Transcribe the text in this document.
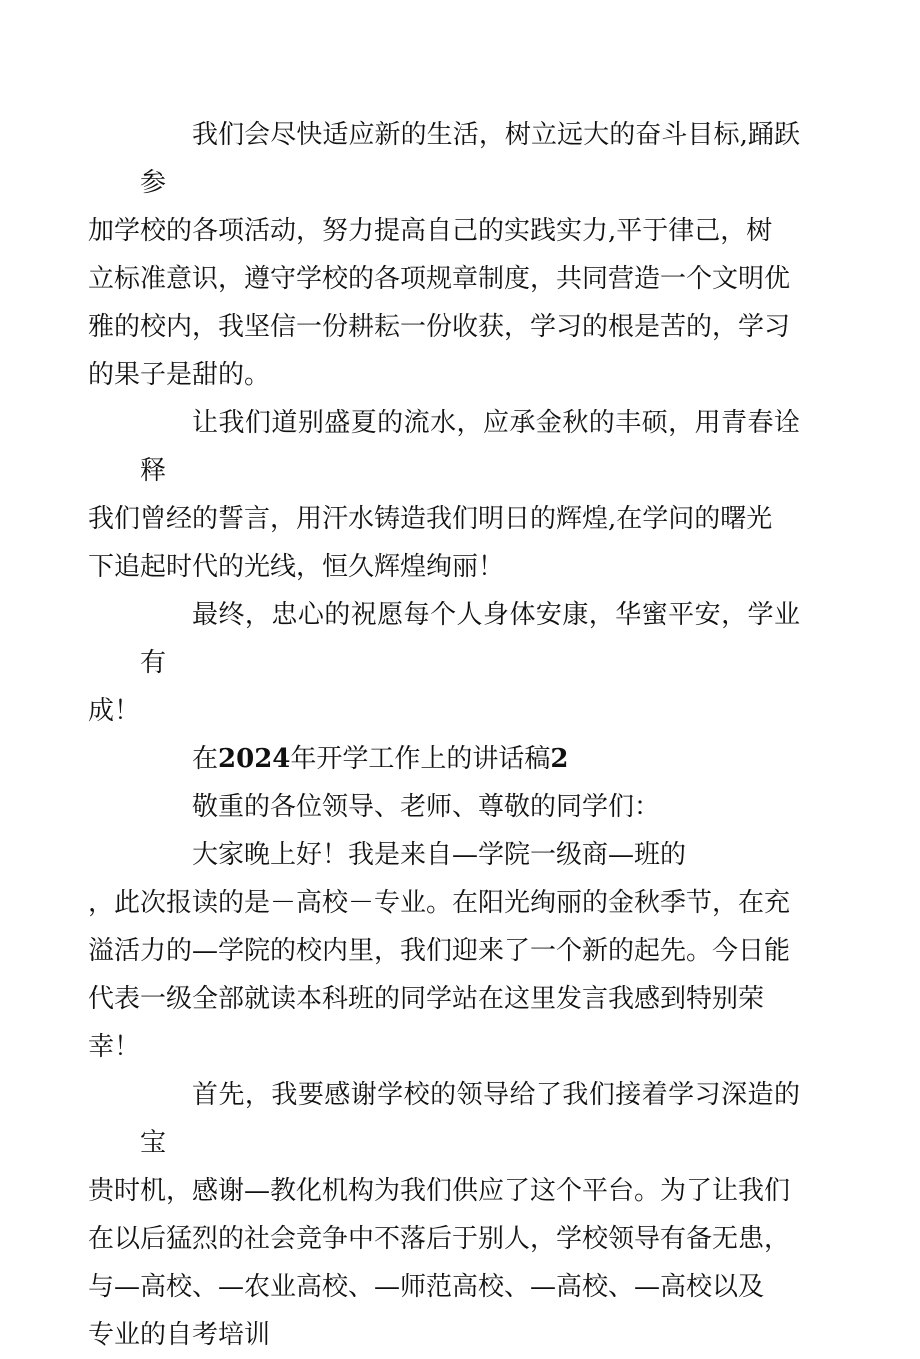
我们会尽快适应新的生活，树立远大的奋斗目标,踊跃参
加学校的各项活动，努力提高自己的实践实力,平于律己，树
立标准意识，遵守学校的各项规章制度，共同营造一个文明优
雅的校内，我坚信一份耕耘一份收获，学习的根是苦的，学习
的果子是甜的。

让我们道别盛夏的流水，应承金秋的丰硕，用青春诠释
我们曾经的誓言，用汗水铸造我们明日的辉煌,在学问的曙光
下追起时代的光线，恒久辉煌绚丽！

最终，忠心的祝愿每个人身体安康，华蜜平安，学业有
成！

在2024年开学工作上的讲话稿2

敬重的各位领导、老师、尊敬的同学们：

大家晚上好！我是来自—学院一级商—班的
，此次报读的是－高校－专业。在阳光绚丽的金秋季节，在充
溢活力的—学院的校内里，我们迎来了一个新的起先。今日能
代表一级全部就读本科班的同学站在这里发言我感到特别荣
幸！

首先，我要感谢学校的领导给了我们接着学习深造的宝
贵时机，感谢—教化机构为我们供应了这个平台。为了让我们
在以后猛烈的社会竞争中不落后于别人，学校领导有备无患，
与—高校、—农业高校、—师范高校、—高校、—高校以及
专业的自考培训
